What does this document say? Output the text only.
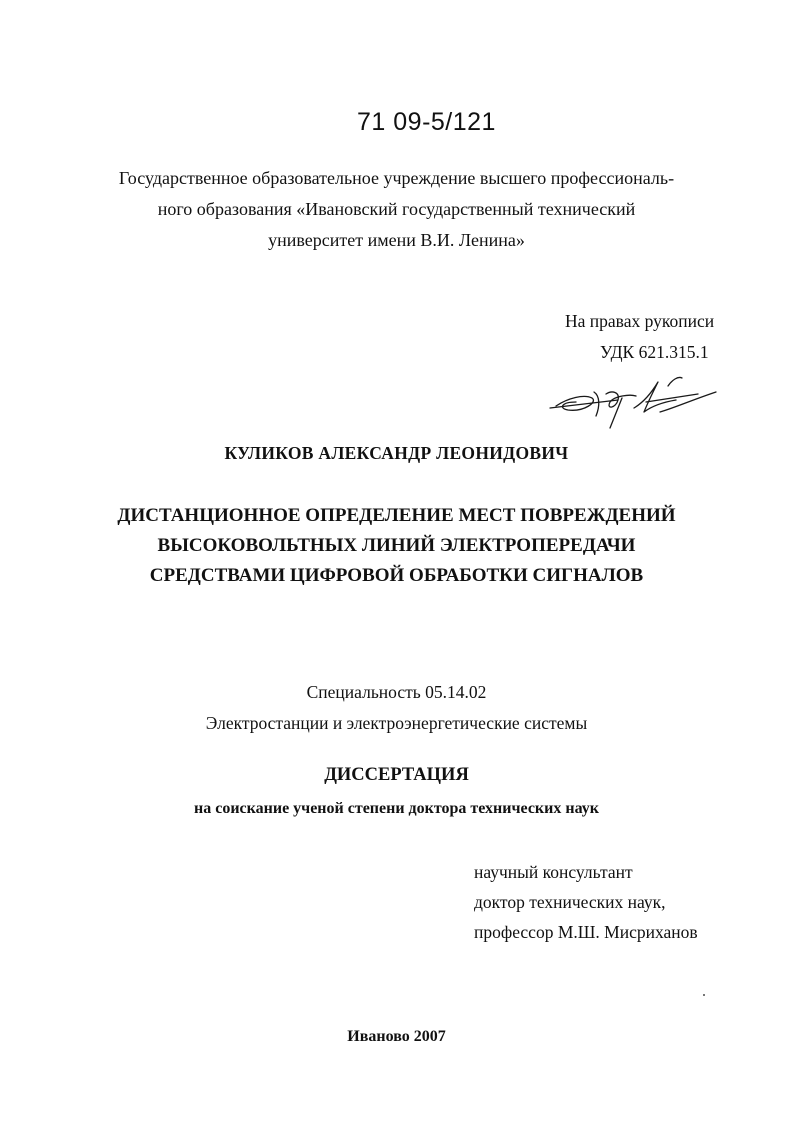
71 09-5/121
Государственное образовательное учреждение высшего профессиональ-
ного образования «Ивановский государственный технический
университет имени В.И. Ленина»
На правах рукописи
УДК 621.315.1
КУЛИКОВ АЛЕКСАНДР ЛЕОНИДОВИЧ
ДИСТАНЦИОННОЕ ОПРЕДЕЛЕНИЕ МЕСТ ПОВРЕЖДЕНИЙ
ВЫСОКОВОЛЬТНЫХ ЛИНИЙ ЭЛЕКТРОПЕРЕДАЧИ
СРЕДСТВАМИ ЦИФРОВОЙ ОБРАБОТКИ СИГНАЛОВ
Специальность 05.14.02
Электростанции и электроэнергетические системы
ДИССЕРТАЦИЯ
на соискание ученой степени доктора технических наук
научный консультант
доктор технических наук,
профессор М.Ш. Мисриханов
Иваново 2007
